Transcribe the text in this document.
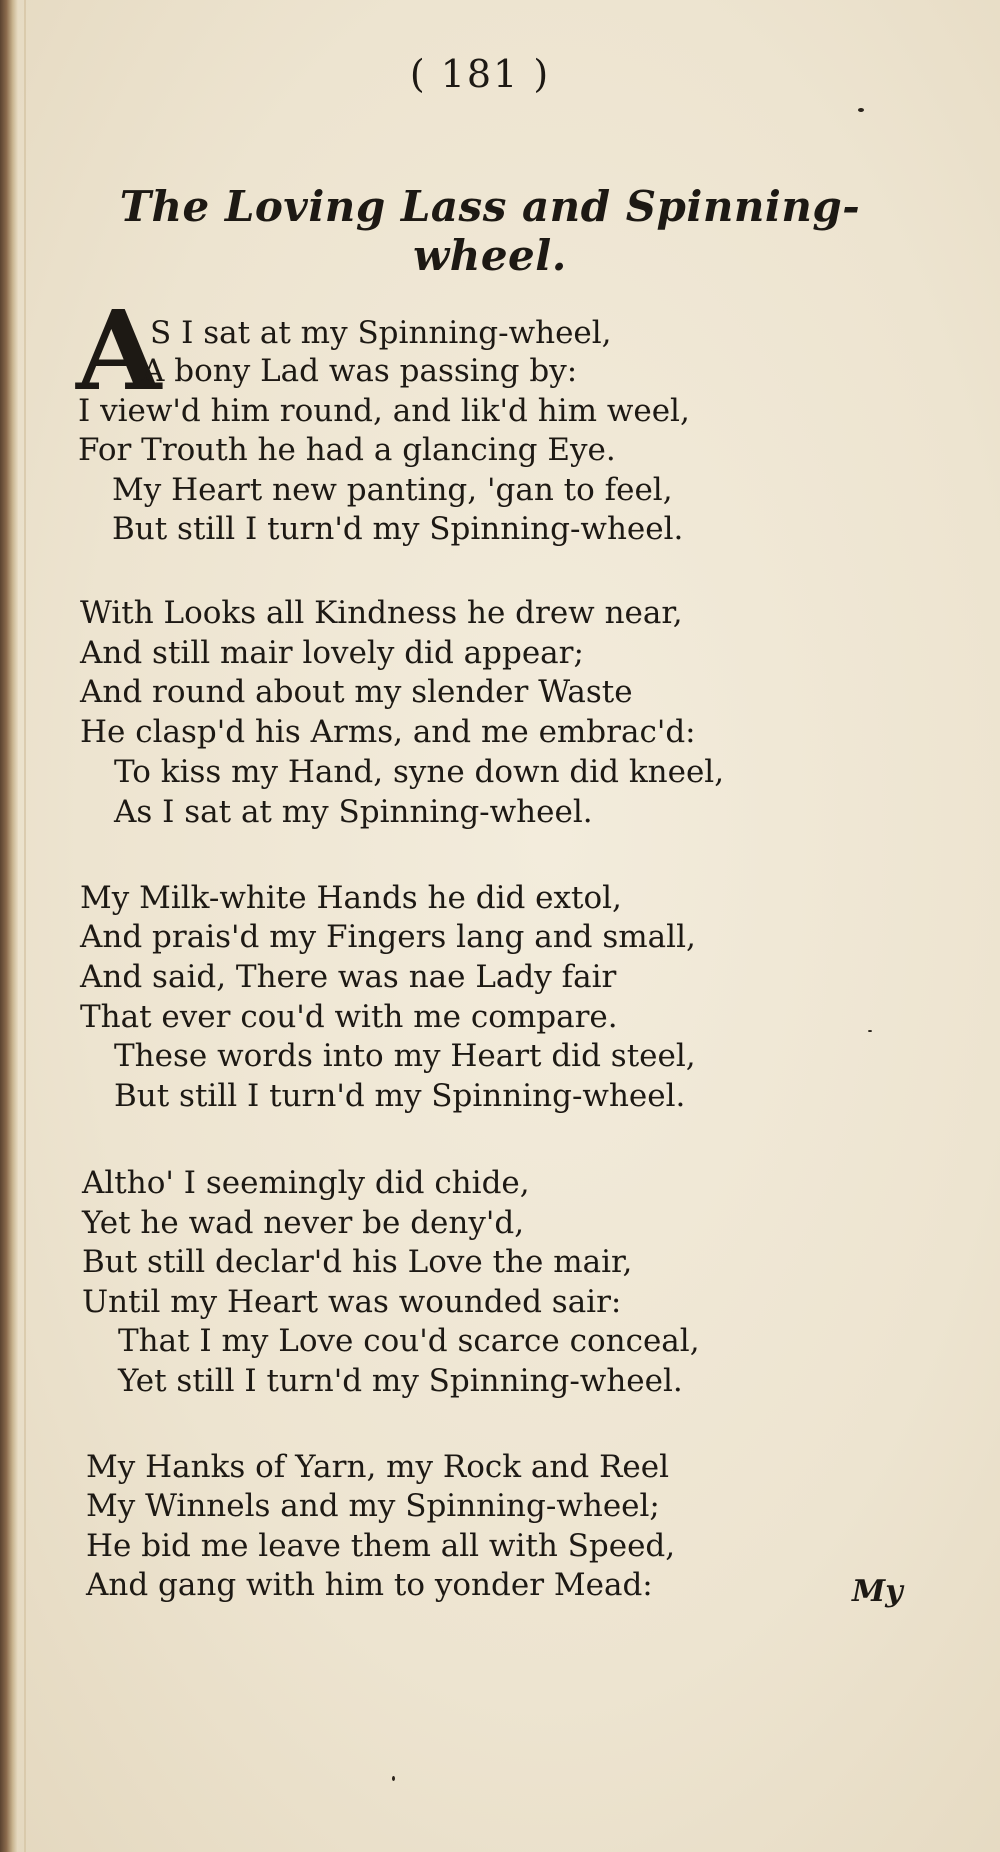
( 181 )
The Loving Lass and Spinning-wheel.
A
S I sat at my Spinning-wheel,
A bony Lad was passing by:
I view'd him round, and lik'd him weel,
For Trouth he had a glancing Eye.
My Heart new panting, 'gan to feel,
But still I turn'd my Spinning-wheel.
With Looks all Kindness he drew near,
And still mair lovely did appear;
And round about my slender Waste
He clasp'd his Arms, and me embrac'd:
To kiss my Hand, syne down did kneel,
As I sat at my Spinning-wheel.
My Milk-white Hands he did extol,
And prais'd my Fingers lang and small,
And said, There was nae Lady fair
That ever cou'd with me compare.
These words into my Heart did steel,
But still I turn'd my Spinning-wheel.
Altho' I seemingly did chide,
Yet he wad never be deny'd,
But still declar'd his Love the mair,
Until my Heart was wounded sair:
That I my Love cou'd scarce conceal,
Yet still I turn'd my Spinning-wheel.
My Hanks of Yarn, my Rock and Reel
My Winnels and my Spinning-wheel;
He bid me leave them all with Speed,
And gang with him to yonder Mead:	My
